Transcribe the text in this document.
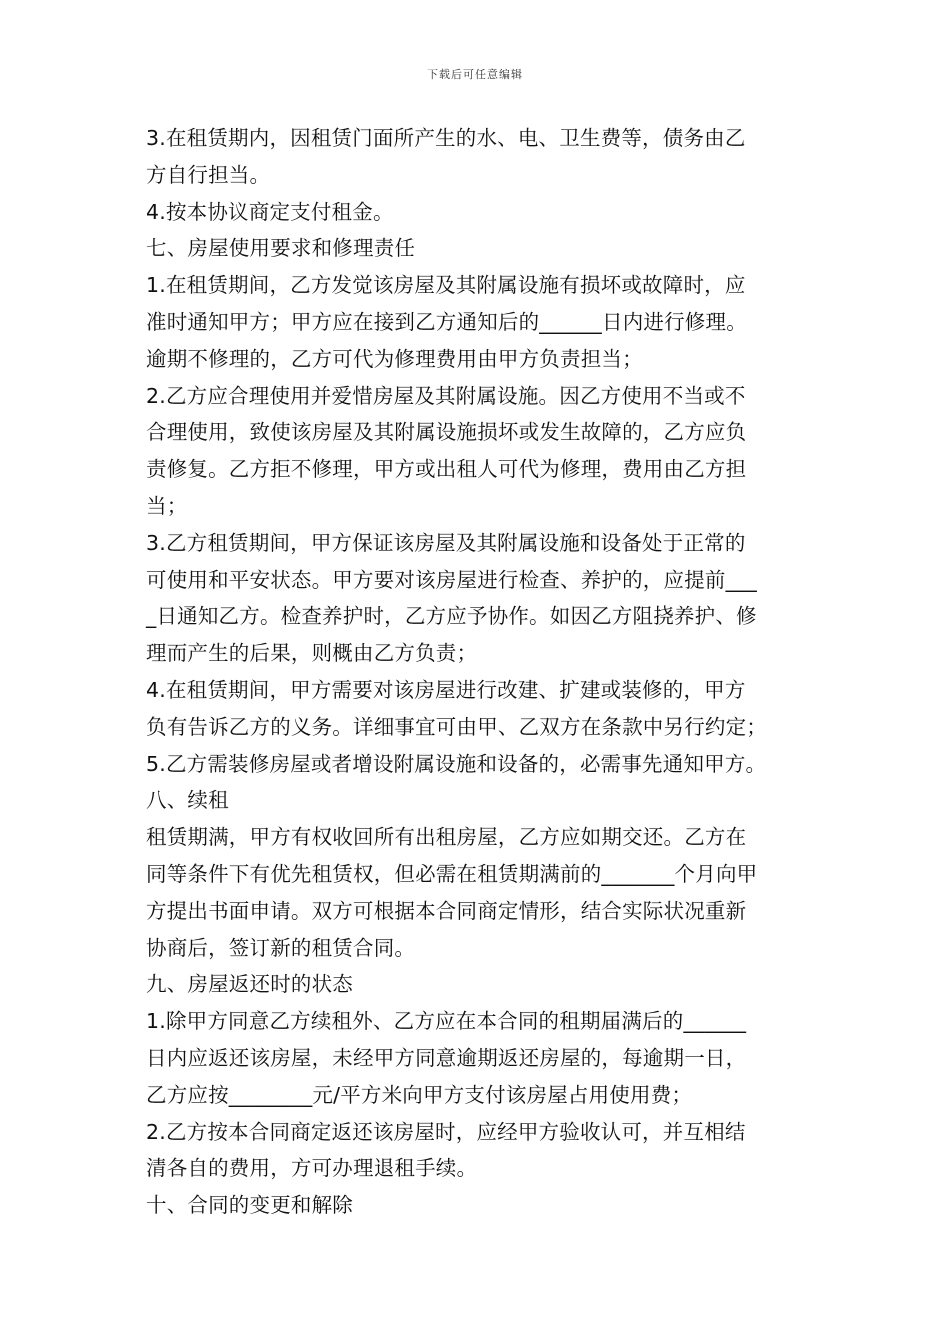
下载后可任意编辑
3.在租赁期内，因租赁门面所产生的水、电、卫生费等，债务由乙
方自行担当。
4.按本协议商定支付租金。
七、房屋使用要求和修理责任
1.在租赁期间，乙方发觉该房屋及其附属设施有损坏或故障时，应
准时通知甲方；甲方应在接到乙方通知后的______日内进行修理。
逾期不修理的，乙方可代为修理费用由甲方负责担当；
2.乙方应合理使用并爱惜房屋及其附属设施。因乙方使用不当或不
合理使用，致使该房屋及其附属设施损坏或发生故障的，乙方应负
责修复。乙方拒不修理，甲方或出租人可代为修理，费用由乙方担
当；
3.乙方租赁期间，甲方保证该房屋及其附属设施和设备处于正常的
可使用和平安状态。甲方要对该房屋进行检查、养护的，应提前___
_日通知乙方。检查养护时，乙方应予协作。如因乙方阻挠养护、修
理而产生的后果，则概由乙方负责；
4.在租赁期间，甲方需要对该房屋进行改建、扩建或装修的，甲方
负有告诉乙方的义务。详细事宜可由甲、乙双方在条款中另行约定；
5.乙方需装修房屋或者增设附属设施和设备的，必需事先通知甲方。
八、续租
租赁期满，甲方有权收回所有出租房屋，乙方应如期交还。乙方在
同等条件下有优先租赁权，但必需在租赁期满前的_______个月向甲
方提出书面申请。双方可根据本合同商定情形，结合实际状况重新
协商后，签订新的租赁合同。
九、房屋返还时的状态
1.除甲方同意乙方续租外、乙方应在本合同的租期届满后的______
日内应返还该房屋，未经甲方同意逾期返还房屋的，每逾期一日，
乙方应按________元/平方米向甲方支付该房屋占用使用费；
2.乙方按本合同商定返还该房屋时，应经甲方验收认可，并互相结
清各自的费用，方可办理退租手续。
十、合同的变更和解除
